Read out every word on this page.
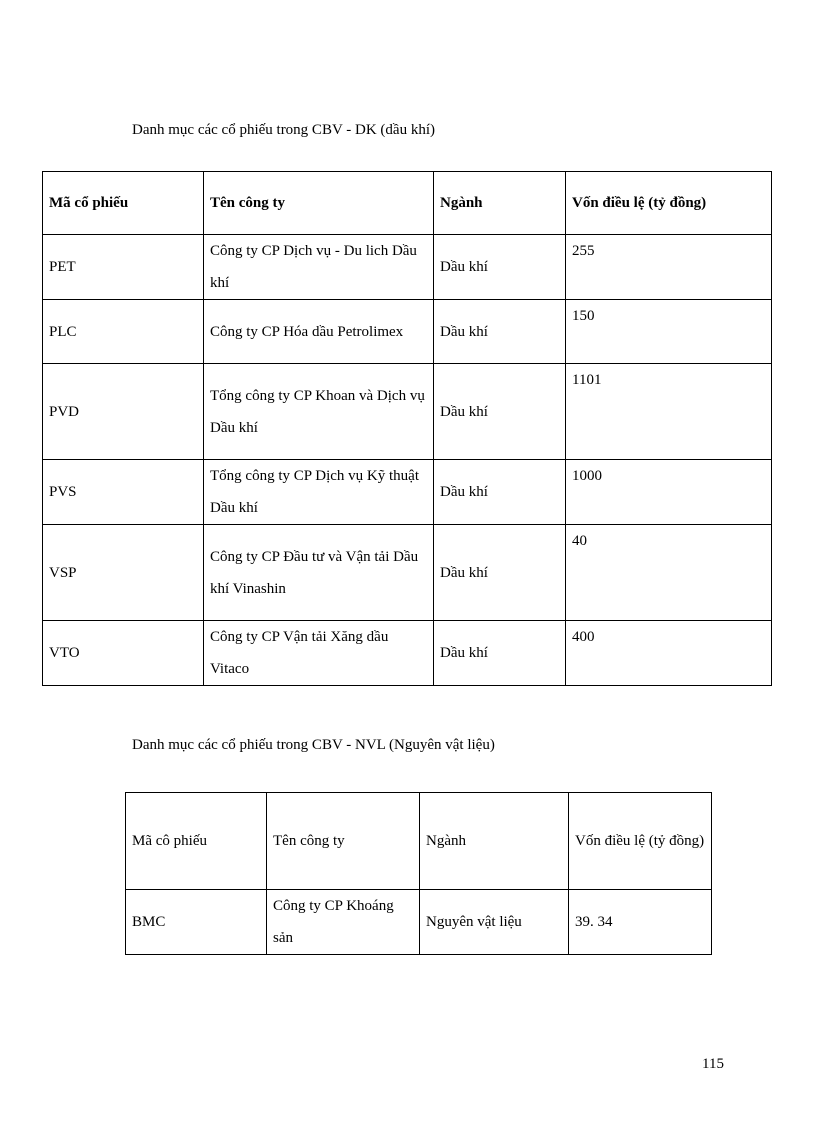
Danh mục các cổ phiếu trong CBV - DK (dầu khí)

Mã cổ phiếu	Tên công ty	Ngành	Vốn điều lệ (tỷ đồng)
PET	Công ty CP Dịch vụ - Du lich Dầu khí	Dầu khí	255
PLC	Công ty CP Hóa dầu Petrolimex	Dầu khí	150
PVD	Tổng công ty CP Khoan và Dịch vụ Dầu khí	Dầu khí	1101
PVS	Tổng công ty CP Dịch vụ Kỹ thuật Dầu khí	Dầu khí	1000
VSP	Công ty CP Đầu tư và Vận tải Dầu khí Vinashin	Dầu khí	40
VTO	Công ty CP Vận tải Xăng dầu Vitaco	Dầu khí	400

Danh mục các cổ phiếu trong CBV - NVL (Nguyên vật liệu)

Mã cô phiếu	Tên công ty	Ngành	Vốn điều lệ (tỷ đồng)
BMC	Công ty CP Khoáng sản	Nguyên vật liệu	39. 34

115
